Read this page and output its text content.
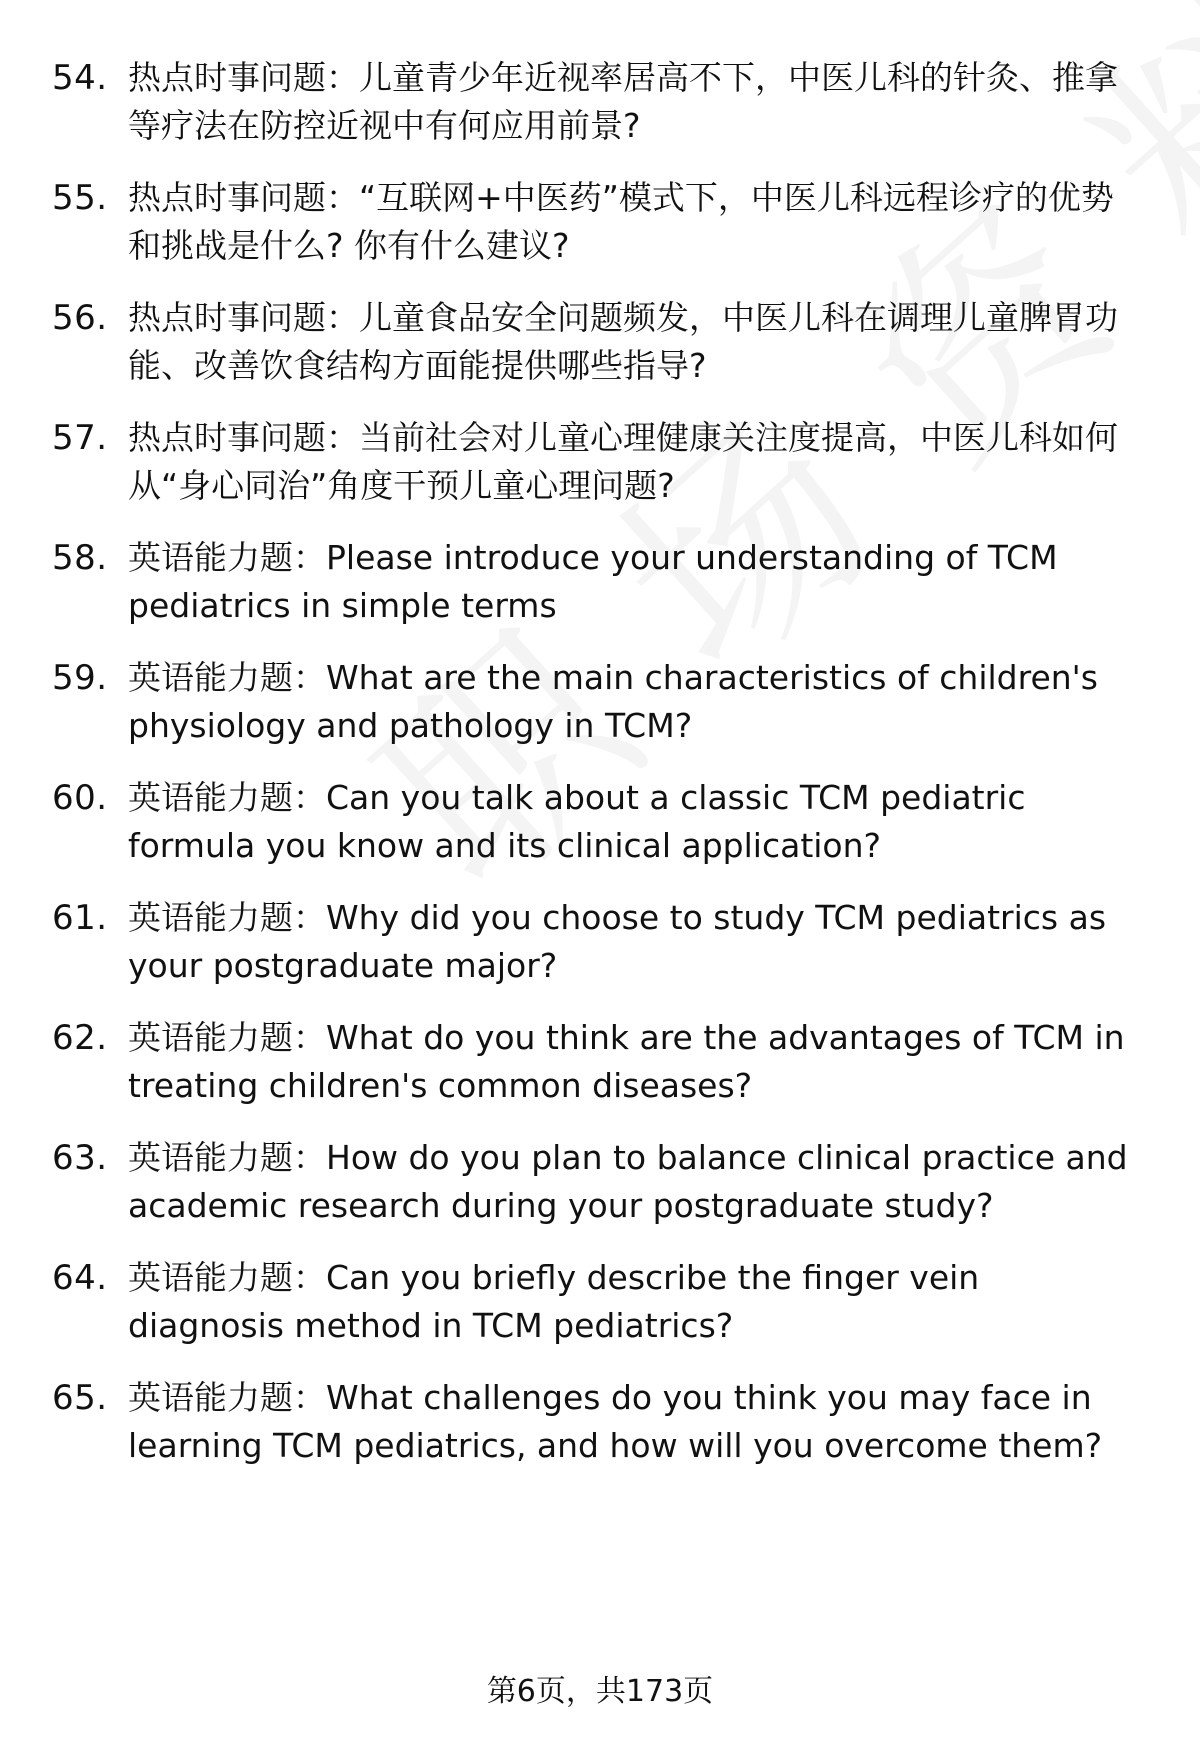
54. 热点时事问题：儿童青少年近视率居高不下，中医儿科的针灸、推拿等疗法在防控近视中有何应用前景?
55. 热点时事问题：“互联网+中医药”模式下，中医儿科远程诊疗的优势和挑战是什么? 你有什么建议?
56. 热点时事问题：儿童食品安全问题频发，中医儿科在调理儿童脾胃功能、改善饮食结构方面能提供哪些指导?
57. 热点时事问题：当前社会对儿童心理健康关注度提高，中医儿科如何从“身心同治”角度干预儿童心理问题?
58. 英语能力题：Please introduce your understanding of TCM pediatrics in simple terms
59. 英语能力题：What are the main characteristics of children's physiology and pathology in TCM?
60. 英语能力题：Can you talk about a classic TCM pediatric formula you know and its clinical application?
61. 英语能力题：Why did you choose to study TCM pediatrics as your postgraduate major?
62. 英语能力题：What do you think are the advantages of TCM in treating children's common diseases?
63. 英语能力题：How do you plan to balance clinical practice and academic research during your postgraduate study?
64. 英语能力题：Can you briefly describe the finger vein diagnosis method in TCM pediatrics?
65. 英语能力题：What challenges do you think you may face in learning TCM pediatrics, and how will you overcome them?
第6页，共173页
